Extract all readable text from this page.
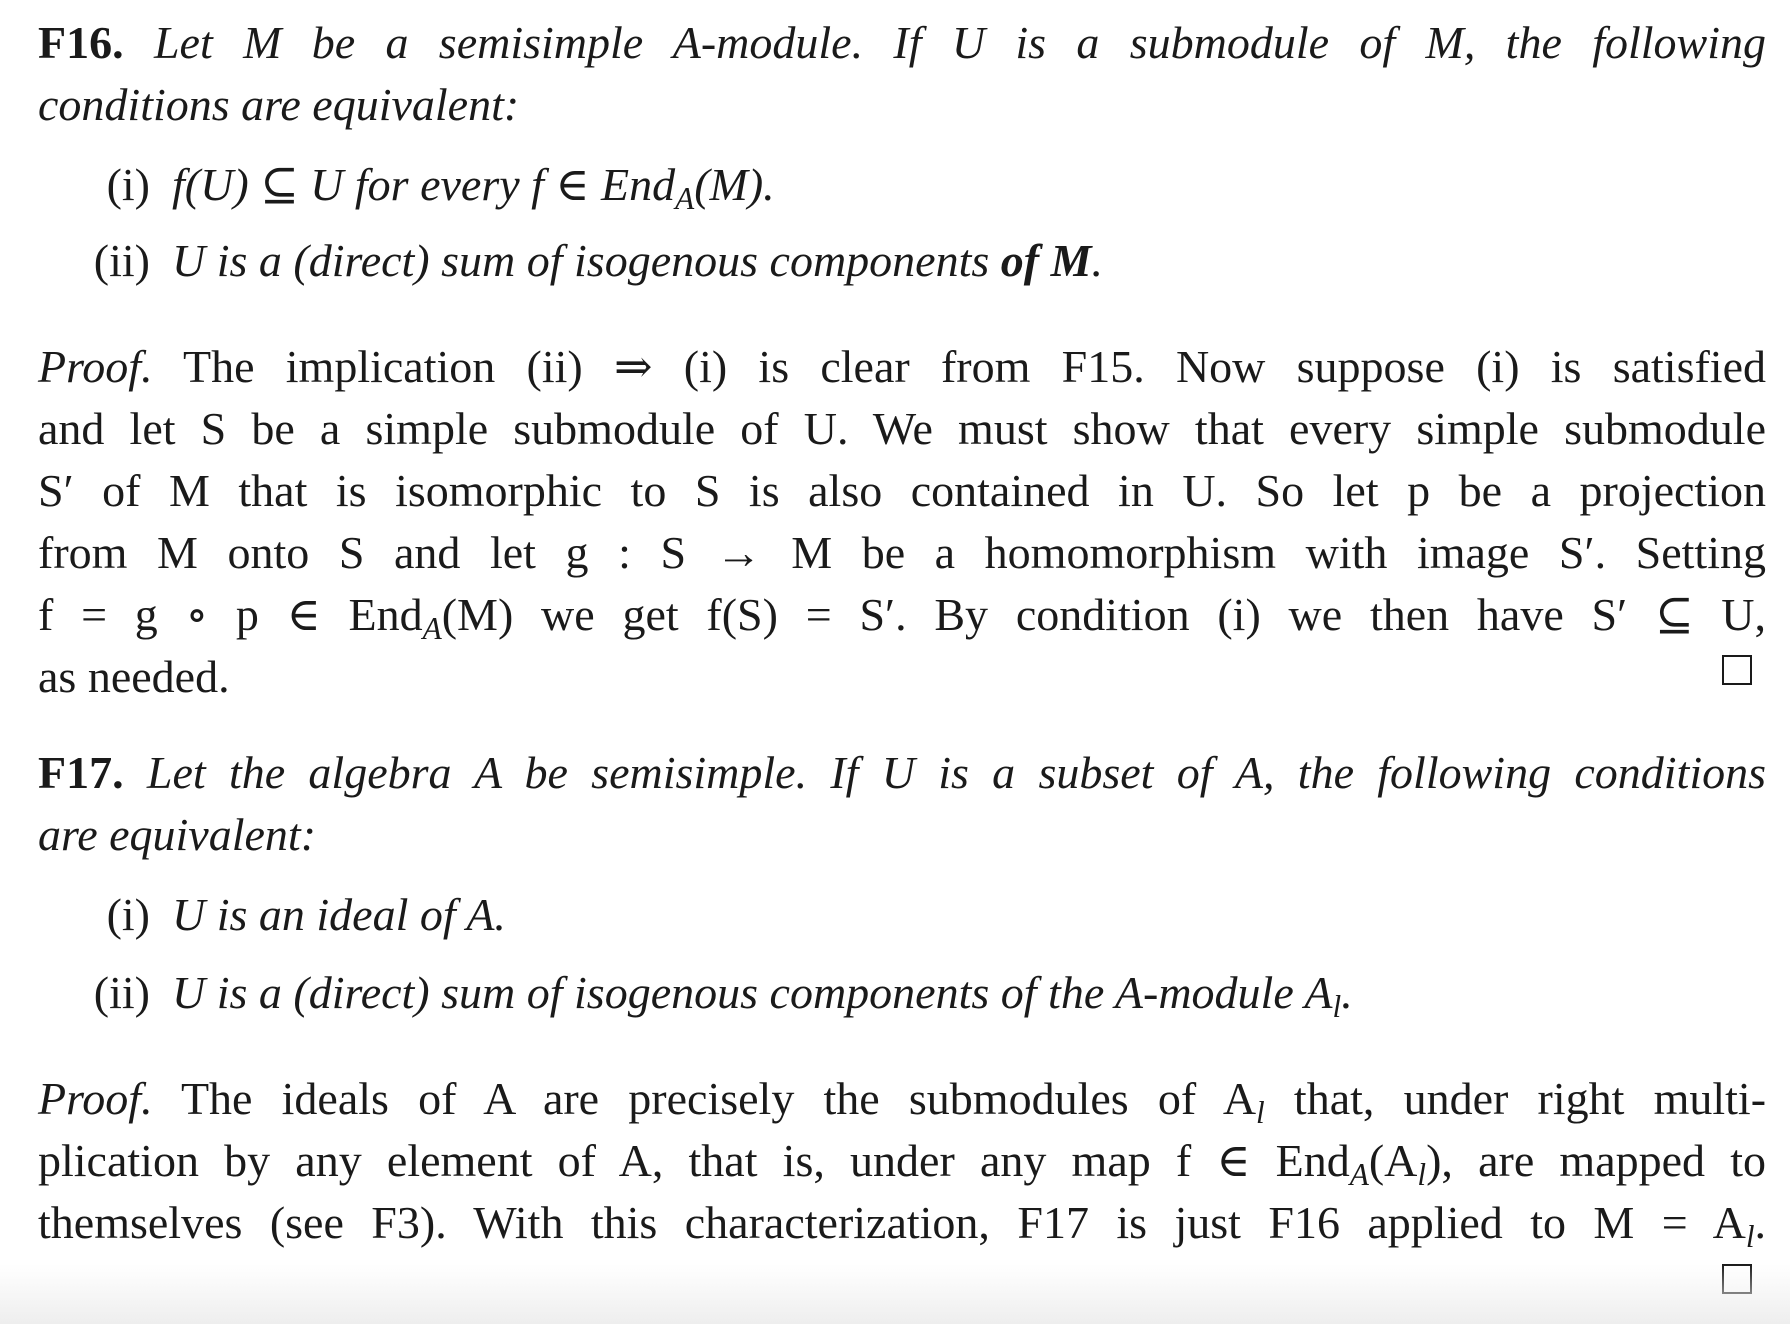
F16. Let M be a semisimple A-module. If U is a submodule of M, the following
conditions are equivalent:
(i) f(U) ⊆ U for every f ∈ End$_A$(M).
(ii) U is a (direct) sum of isogenous components of M.
Proof. The implication (ii) ⇒ (i) is clear from F15. Now suppose (i) is satisfied
and let S be a simple submodule of U. We must show that every simple submodule
S′ of M that is isomorphic to S is also contained in U. So let p be a projection
from M onto S and let g : S → M be a homomorphism with image S′. Setting
f = g ∘ p ∈ End$_A$(M) we get f(S) = S′. By condition (i) we then have S′ ⊆ U,
as needed.
F17. Let the algebra A be semisimple. If U is a subset of A, the following conditions
are equivalent:
(i) U is an ideal of A.
(ii) U is a (direct) sum of isogenous components of the A-module $A_l$.
Proof. The ideals of A are precisely the submodules of $A_l$ that, under right multi-
plication by any element of A, that is, under any map f ∈ $End_A(A_l)$, are mapped to
themselves (see F3). With this characterization, F17 is just F16 applied to $M = A_l$.
